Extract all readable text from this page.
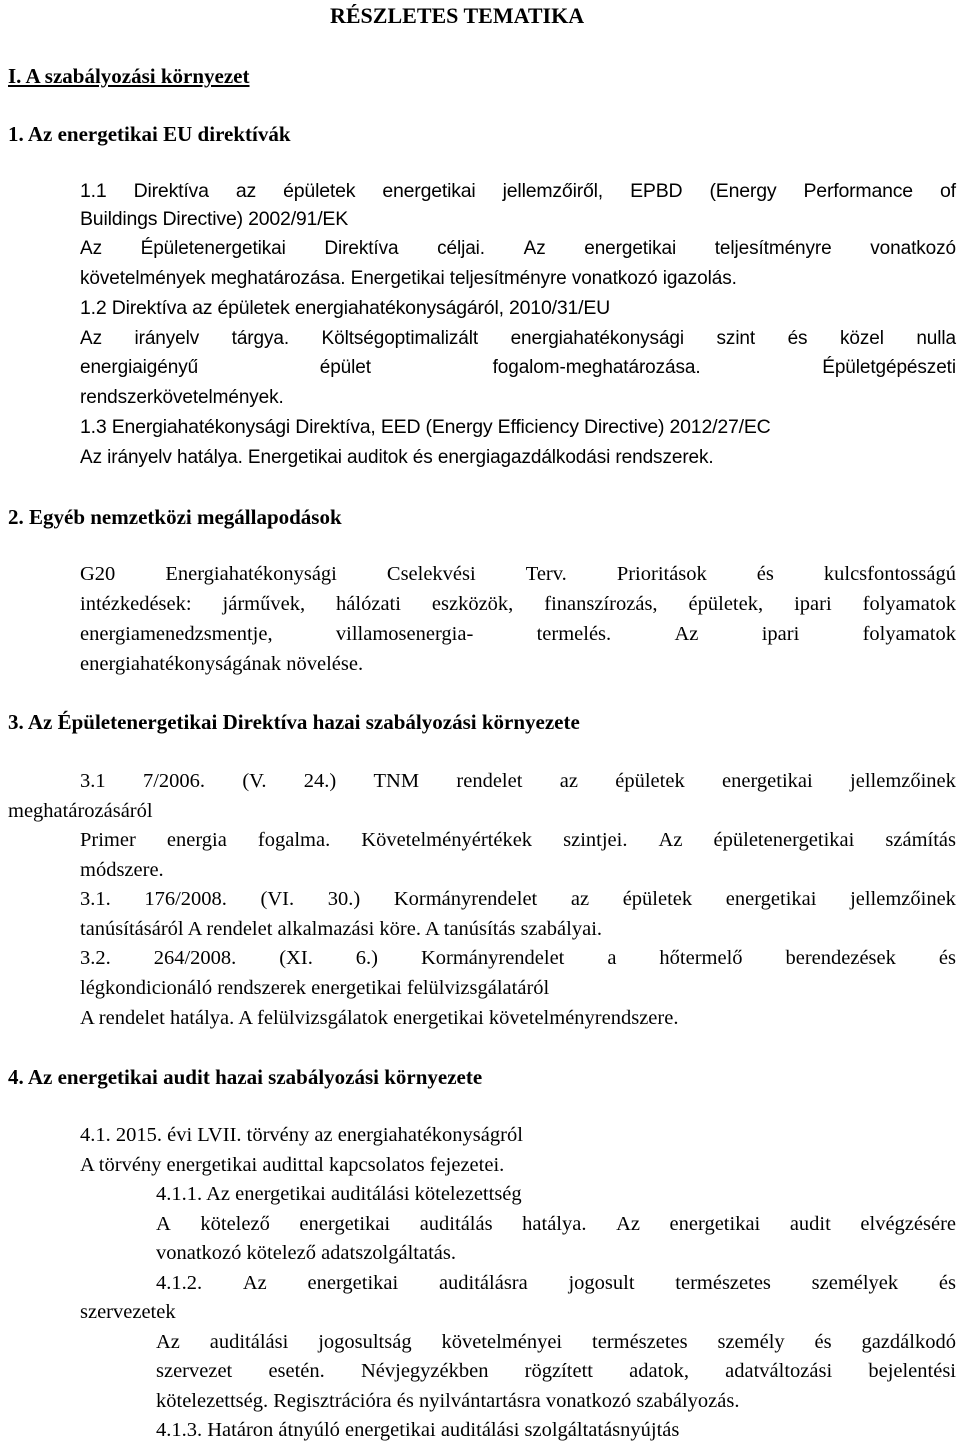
RÉSZLETES TEMATIKA
I. A szabályozási környezet
1. Az energetikai EU direktívák
1.1 Direktíva az épületek energetikai jellemzőiről, EPBD (Energy Performance of
Buildings Directive) 2002/91/EK
Az Épületenergetikai Direktíva céljai. Az energetikai teljesítményre vonatkozó
követelmények meghatározása. Energetikai teljesítményre vonatkozó igazolás.
1.2 Direktíva az épületek energiahatékonyságáról, 2010/31/EU
Az irányelv tárgya. Költségoptimalizált energiahatékonysági szint és közel nulla
energiaigényű	épület	fogalom-meghatározása.	Épületgépészeti
rendszerkövetelmények.
1.3 Energiahatékonysági Direktíva, EED (Energy Efficiency Directive) 2012/27/EC
Az irányelv hatálya. Energetikai auditok és energiagazdálkodási rendszerek.
2. Egyéb nemzetközi megállapodások
G20 Energiahatékonysági Cselekvési Terv. Prioritások és kulcsfontosságú
intézkedések: járművek, hálózati eszközök, finanszírozás, épületek, ipari folyamatok
energiamenedzsmentje,	villamosenergia-	termelés.	Az	ipari	folyamatok
energiahatékonyságának növelése.
3. Az Épületenergetikai Direktíva hazai szabályozási környezete
3.1 7/2006. (V. 24.) TNM rendelet az épületek energetikai jellemzőinek
meghatározásáról
Primer energia fogalma. Követelményértékek szintjei. Az épületenergetikai számítás
módszere.
3.1. 176/2008. (VI. 30.) Kormányrendelet az épületek energetikai jellemzőinek
tanúsításáról A rendelet alkalmazási köre. A tanúsítás szabályai.
3.2. 264/2008. (XI. 6.) Kormányrendelet a hőtermelő berendezések és
légkondicionáló rendszerek energetikai felülvizsgálatáról
A rendelet hatálya. A felülvizsgálatok energetikai követelményrendszere.
4. Az energetikai audit hazai szabályozási környezete
4.1. 2015. évi LVII. törvény az energiahatékonyságról
A törvény energetikai audittal kapcsolatos fejezetei.
4.1.1. Az energetikai auditálási kötelezettség
A kötelező energetikai auditálás hatálya. Az energetikai audit elvégzésére
vonatkozó kötelező adatszolgáltatás.
4.1.2. Az energetikai auditálásra jogosult természetes személyek és
szervezetek
Az auditálási jogosultság követelményei természetes személy és gazdálkodó
szervezet esetén. Névjegyzékben rögzített adatok, adatváltozási bejelentési
kötelezettség. Regisztrációra és nyilvántartásra vonatkozó szabályozás.
4.1.3. Határon átnyúló energetikai auditálási szolgáltatásnyújtás
